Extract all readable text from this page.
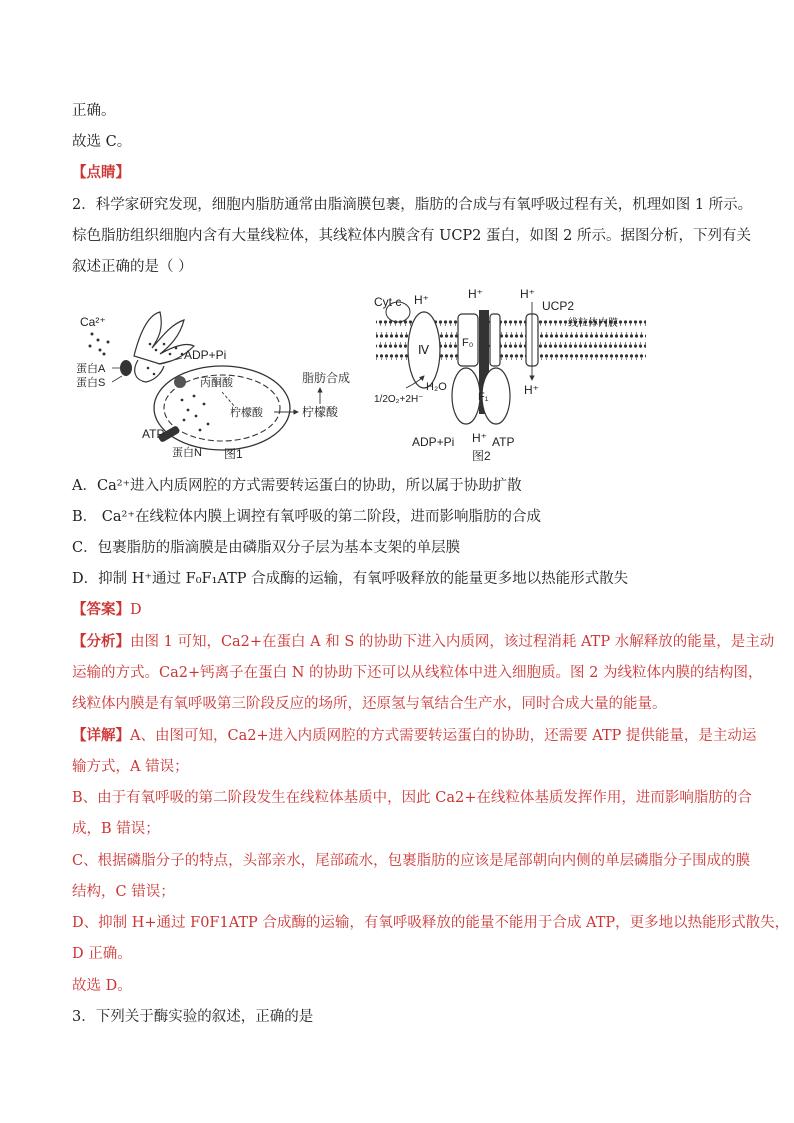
正确。
故选 C。
【点睛】
2．科学家研究发现，细胞内脂肪通常由脂滴膜包裹，脂肪的合成与有氧呼吸过程有关，机理如图 1 所示。
棕色脂肪组织细胞内含有大量线粒体，其线粒体内膜含有 UCP2 蛋白，如图 2 所示。据图分析，下列有关
叙述正确的是（ ）
Ca²⁺
蛋白A
蛋白S
ADP+Pi
丙酮酸
柠檬酸	柠檬酸
脂肪合成
ATP
蛋白N 图1
Cyt c H⁺
Ⅳ
1/2O₂+2H⁻
H₂O
F₀
H⁺
F₁
ADP+Pi H⁺ ATP
H⁺
UCP2
线粒体内膜
H⁺
图2
A．Ca²⁺进入内质网腔的方式需要转运蛋白的协助，所以属于协助扩散
B． Ca²⁺在线粒体内膜上调控有氧呼吸的第二阶段，进而影响脂肪的合成
C．包裹脂肪的脂滴膜是由磷脂双分子层为基本支架的单层膜
D．抑制 H⁺通过 F₀F₁ATP 合成酶的运输，有氧呼吸释放的能量更多地以热能形式散失
【答案】D
【分析】由图 1 可知，Ca2+在蛋白 A 和 S 的协助下进入内质网，该过程消耗 ATP 水解释放的能量，是主动
运输的方式。Ca2+钙离子在蛋白 N 的协助下还可以从线粒体中进入细胞质。图 2 为线粒体内膜的结构图，
线粒体内膜是有氧呼吸第三阶段反应的场所，还原氢与氧结合生产水，同时合成大量的能量。
【详解】A、由图可知，Ca2+进入内质网腔的方式需要转运蛋白的协助，还需要 ATP 提供能量，是主动运
输方式，A 错误；
B、由于有氧呼吸的第二阶段发生在线粒体基质中，因此 Ca2+在线粒体基质发挥作用，进而影响脂肪的合
成，B 错误；
C、根据磷脂分子的特点，头部亲水，尾部疏水，包裹脂肪的应该是尾部朝向内侧的单层磷脂分子围成的膜
结构，C 错误；
D、抑制 H+通过 F0F1ATP 合成酶的运输，有氧呼吸释放的能量不能用于合成 ATP，更多地以热能形式散失，
D 正确。
故选 D。
3．下列关于酶实验的叙述，正确的是
